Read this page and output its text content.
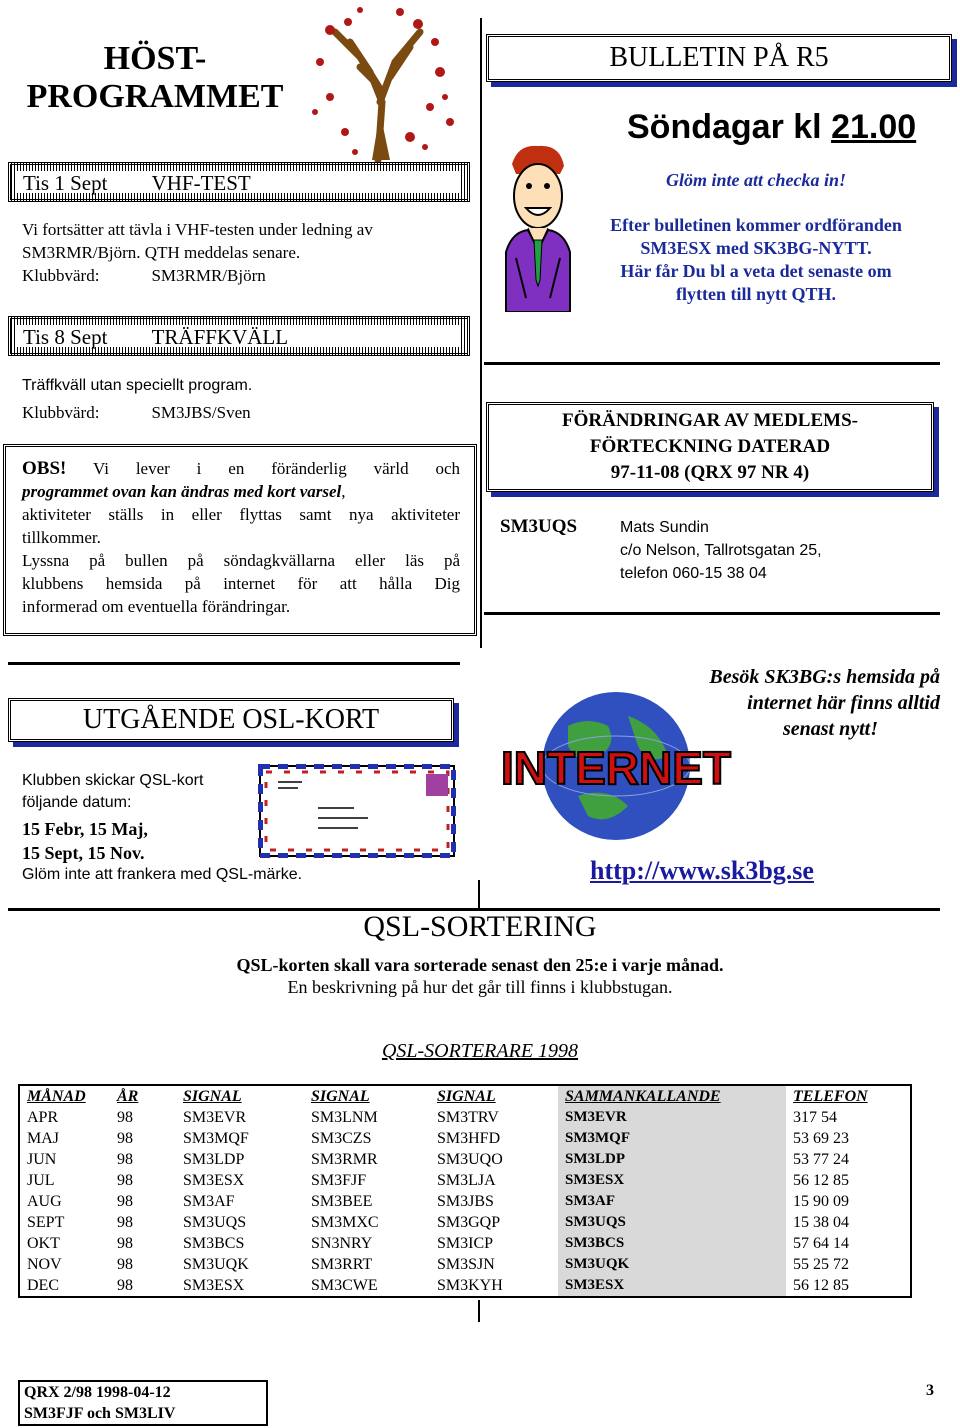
HÖST-
PROGRAMMET
Tis 1 Sept VHF-TEST
Vi fortsätter att tävla i VHF-testen under ledning av
SM3RMR/Björn. QTH meddelas senare.
Klubbvärd:	SM3RMR/Björn
Tis 8 Sept TRÄFFKVÄLL
Träffkväll utan speciellt program.
Klubbvärd:	SM3JBS/Sven
OBS! Vi lever i en föränderlig värld och
programmet ovan kan ändras med kort varsel,
aktiviteter ställs in eller flyttas samt nya aktiviteter
tillkommer.
Lyssna på bullen på söndagkvällarna eller läs på
klubbens hemsida på internet för att hålla Dig
informerad om eventuella förändringar.
BULLETIN PÅ R5
Söndagar kl 21.00
Glöm inte att checka in!
Efter bulletinen kommer ordföranden
SM3ESX med SK3BG-NYTT.
Här får Du bl a veta det senaste om
flytten till nytt QTH.
FÖRÄNDRINGAR AV MEDLEMS-
FÖRTECKNING DATERAD
97-11-08 (QRX 97 NR 4)
SM3UQS	Mats Sundin
c/o Nelson, Tallrotsgatan 25,
telefon 060-15 38 04
UTGÅENDE OSL-KORT
Klubben skickar QSL-kort
följande datum:
15 Febr, 15 Maj,
15 Sept, 15 Nov.
Glöm inte att frankera med QSL-märke.
Besök SK3BG:s hemsida på
internet här finns alltid
senast nytt!
INTERNET
http://www.sk3bg.se
QSL-SORTERING
QSL-korten skall vara sorterade senast den 25:e i varje månad.
En beskrivning på hur det går till finns i klubbstugan.
QSL-SORTERARE 1998
MÅNAD	ÅR	SIGNAL	SIGNAL	SIGNAL	SAMMANKALLANDE	TELEFON
APR	98	SM3EVR	SM3LNM	SM3TRV	SM3EVR	317 54
MAJ	98	SM3MQF	SM3CZS	SM3HFD	SM3MQF	53 69 23
JUN	98	SM3LDP	SM3RMR	SM3UQO	SM3LDP	53 77 24
JUL	98	SM3ESX	SM3FJF	SM3LJA	SM3ESX	56 12 85
AUG	98	SM3AF	SM3BEE	SM3JBS	SM3AF	15 90 09
SEPT	98	SM3UQS	SM3MXC	SM3GQP	SM3UQS	15 38 04
OKT	98	SM3BCS	SN3NRY	SM3ICP	SM3BCS	57 64 14
NOV	98	SM3UQK	SM3RRT	SM3SJN	SM3UQK	55 25 72
DEC	98	SM3ESX	SM3CWE	SM3KYH	SM3ESX	56 12 85
QRX 2/98 1998-04-12
SM3FJF och SM3LIV
3
